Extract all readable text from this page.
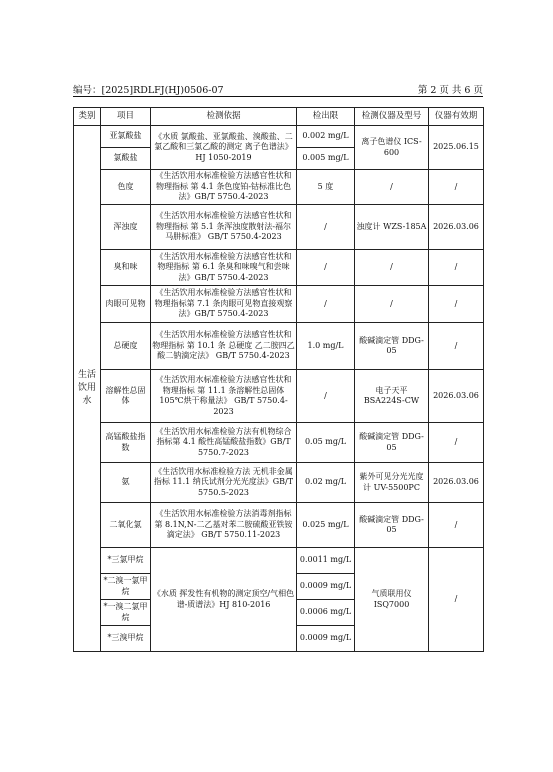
编号：[2025]RDLFJ(HJ)0506-07	第 2 页 共 6 页
类别	项目	检测依据	检出限	检测仪器及型号	仪器有效期
生活饮用水	亚氯酸盐	《水质 氯酸盐、亚氯酸盐、溴酸盐、二氯乙酸和三氯乙酸的测定 离子色谱法》 HJ 1050-2019	0.002 mg/L	离子色谱仪 ICS-600	2025.06.15
	氯酸盐		0.005 mg/L		
	色度	《生活饮用水标准检验方法感官性状和物理指标 第 4.1 条色度铂-钴标准比色法》GB/T 5750.4-2023	5 度	/	/
	浑浊度	《生活饮用水标准检验方法感官性状和物理指标 第 5.1 条浑浊度散射法-福尔马肼标准》 GB/T 5750.4-2023	/	浊度计 WZS-185A	2026.03.06
	臭和味	《生活饮用水标准检验方法感官性状和物理指标 第 6.1 条臭和味嗅气和尝味法》GB/T 5750.4-2023	/	/	/
	肉眼可见物	《生活饮用水标准检验方法感官性状和物理指标第 7.1 条肉眼可见物直接观察法》GB/T 5750.4-2023	/	/	/
	总硬度	《生活饮用水标准检验方法感官性状和物理指标 第 10.1 条 总硬度 乙二胺四乙酸二钠滴定法》 GB/T 5750.4-2023	1.0 mg/L	酸碱滴定管 DDG-05	/
	溶解性总固体	《生活饮用水标准检验方法感官性状和物理指标 第 11.1 条溶解性总固体 105℃烘干称量法》 GB/T 5750.4-2023	/	电子天平 BSA224S-CW	2026.03.06
	高锰酸盐指数	《生活饮用水标准检验方法有机物综合指标第 4.1 酸性高锰酸盐指数》GB/T 5750.7-2023	0.05 mg/L	酸碱滴定管 DDG-05	/
	氨	《生活饮用水标准检验方法 无机非金属指标 11.1 纳氏试剂分光光度法》GB/T 5750.5-2023	0.02 mg/L	紫外可见分光光度计 UV-5500PC	2026.03.06
	二氧化氯	《生活饮用水标准检验方法消毒剂指标第 8.1N,N-二乙基对苯二胺硫酸亚铁铵滴定法》 GB/T 5750.11-2023	0.025 mg/L	酸碱滴定管 DDG-05	/
	*三氯甲烷	《水质 挥发性有机物的测定顶空/气相色谱-质谱法》HJ 810-2016	0.0011 mg/L	气质联用仪 ISQ7000	/
	*二溴一氯甲烷		0.0009 mg/L		
	*一溴二氯甲烷		0.0006 mg/L		
	*三溴甲烷		0.0009 mg/L		
